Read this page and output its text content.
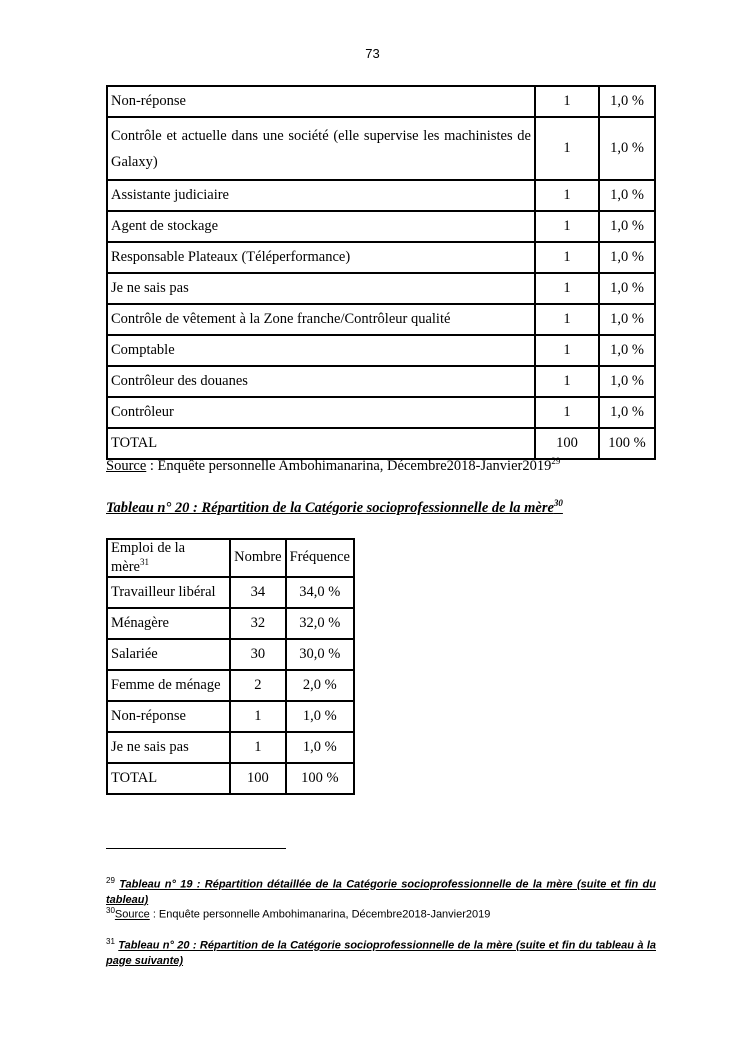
73
Non-réponse	1	1,0 %
Contrôle et actuelle dans une société (elle supervise les machinistes de Galaxy)	1	1,0 %
Assistante judiciaire	1	1,0 %
Agent de stockage	1	1,0 %
Responsable Plateaux (Téléperformance)	1	1,0 %
Je ne sais pas	1	1,0 %
Contrôle de vêtement à la Zone franche/Contrôleur qualité	1	1,0 %
Comptable	1	1,0 %
Contrôleur des douanes	1	1,0 %
Contrôleur	1	1,0 %
TOTAL	100	100 %
Source : Enquête personnelle Ambohimanarina, Décembre2018-Janvier2019$^{29}$
Tableau n° 20 : Répartition de la Catégorie socioprofessionnelle de la mère$^{30}$
Emploi de la mère$^{31}$	Nombre	Fréquence
Travailleur libéral	34	34,0 %
Ménagère	32	32,0 %
Salariée	30	30,0 %
Femme de ménage	2	2,0 %
Non-réponse	1	1,0 %
Je ne sais pas	1	1,0 %
TOTAL	100	100 %
$^{29}$ Tableau n° 19 : Répartition détaillée de la Catégorie socioprofessionnelle de la mère (suite et fin du tableau)
$^{30}$Source : Enquête personnelle Ambohimanarina, Décembre2018-Janvier2019
$^{31}$ Tableau n° 20 : Répartition de la Catégorie socioprofessionnelle de la mère (suite et fin du tableau à la page suivante)
